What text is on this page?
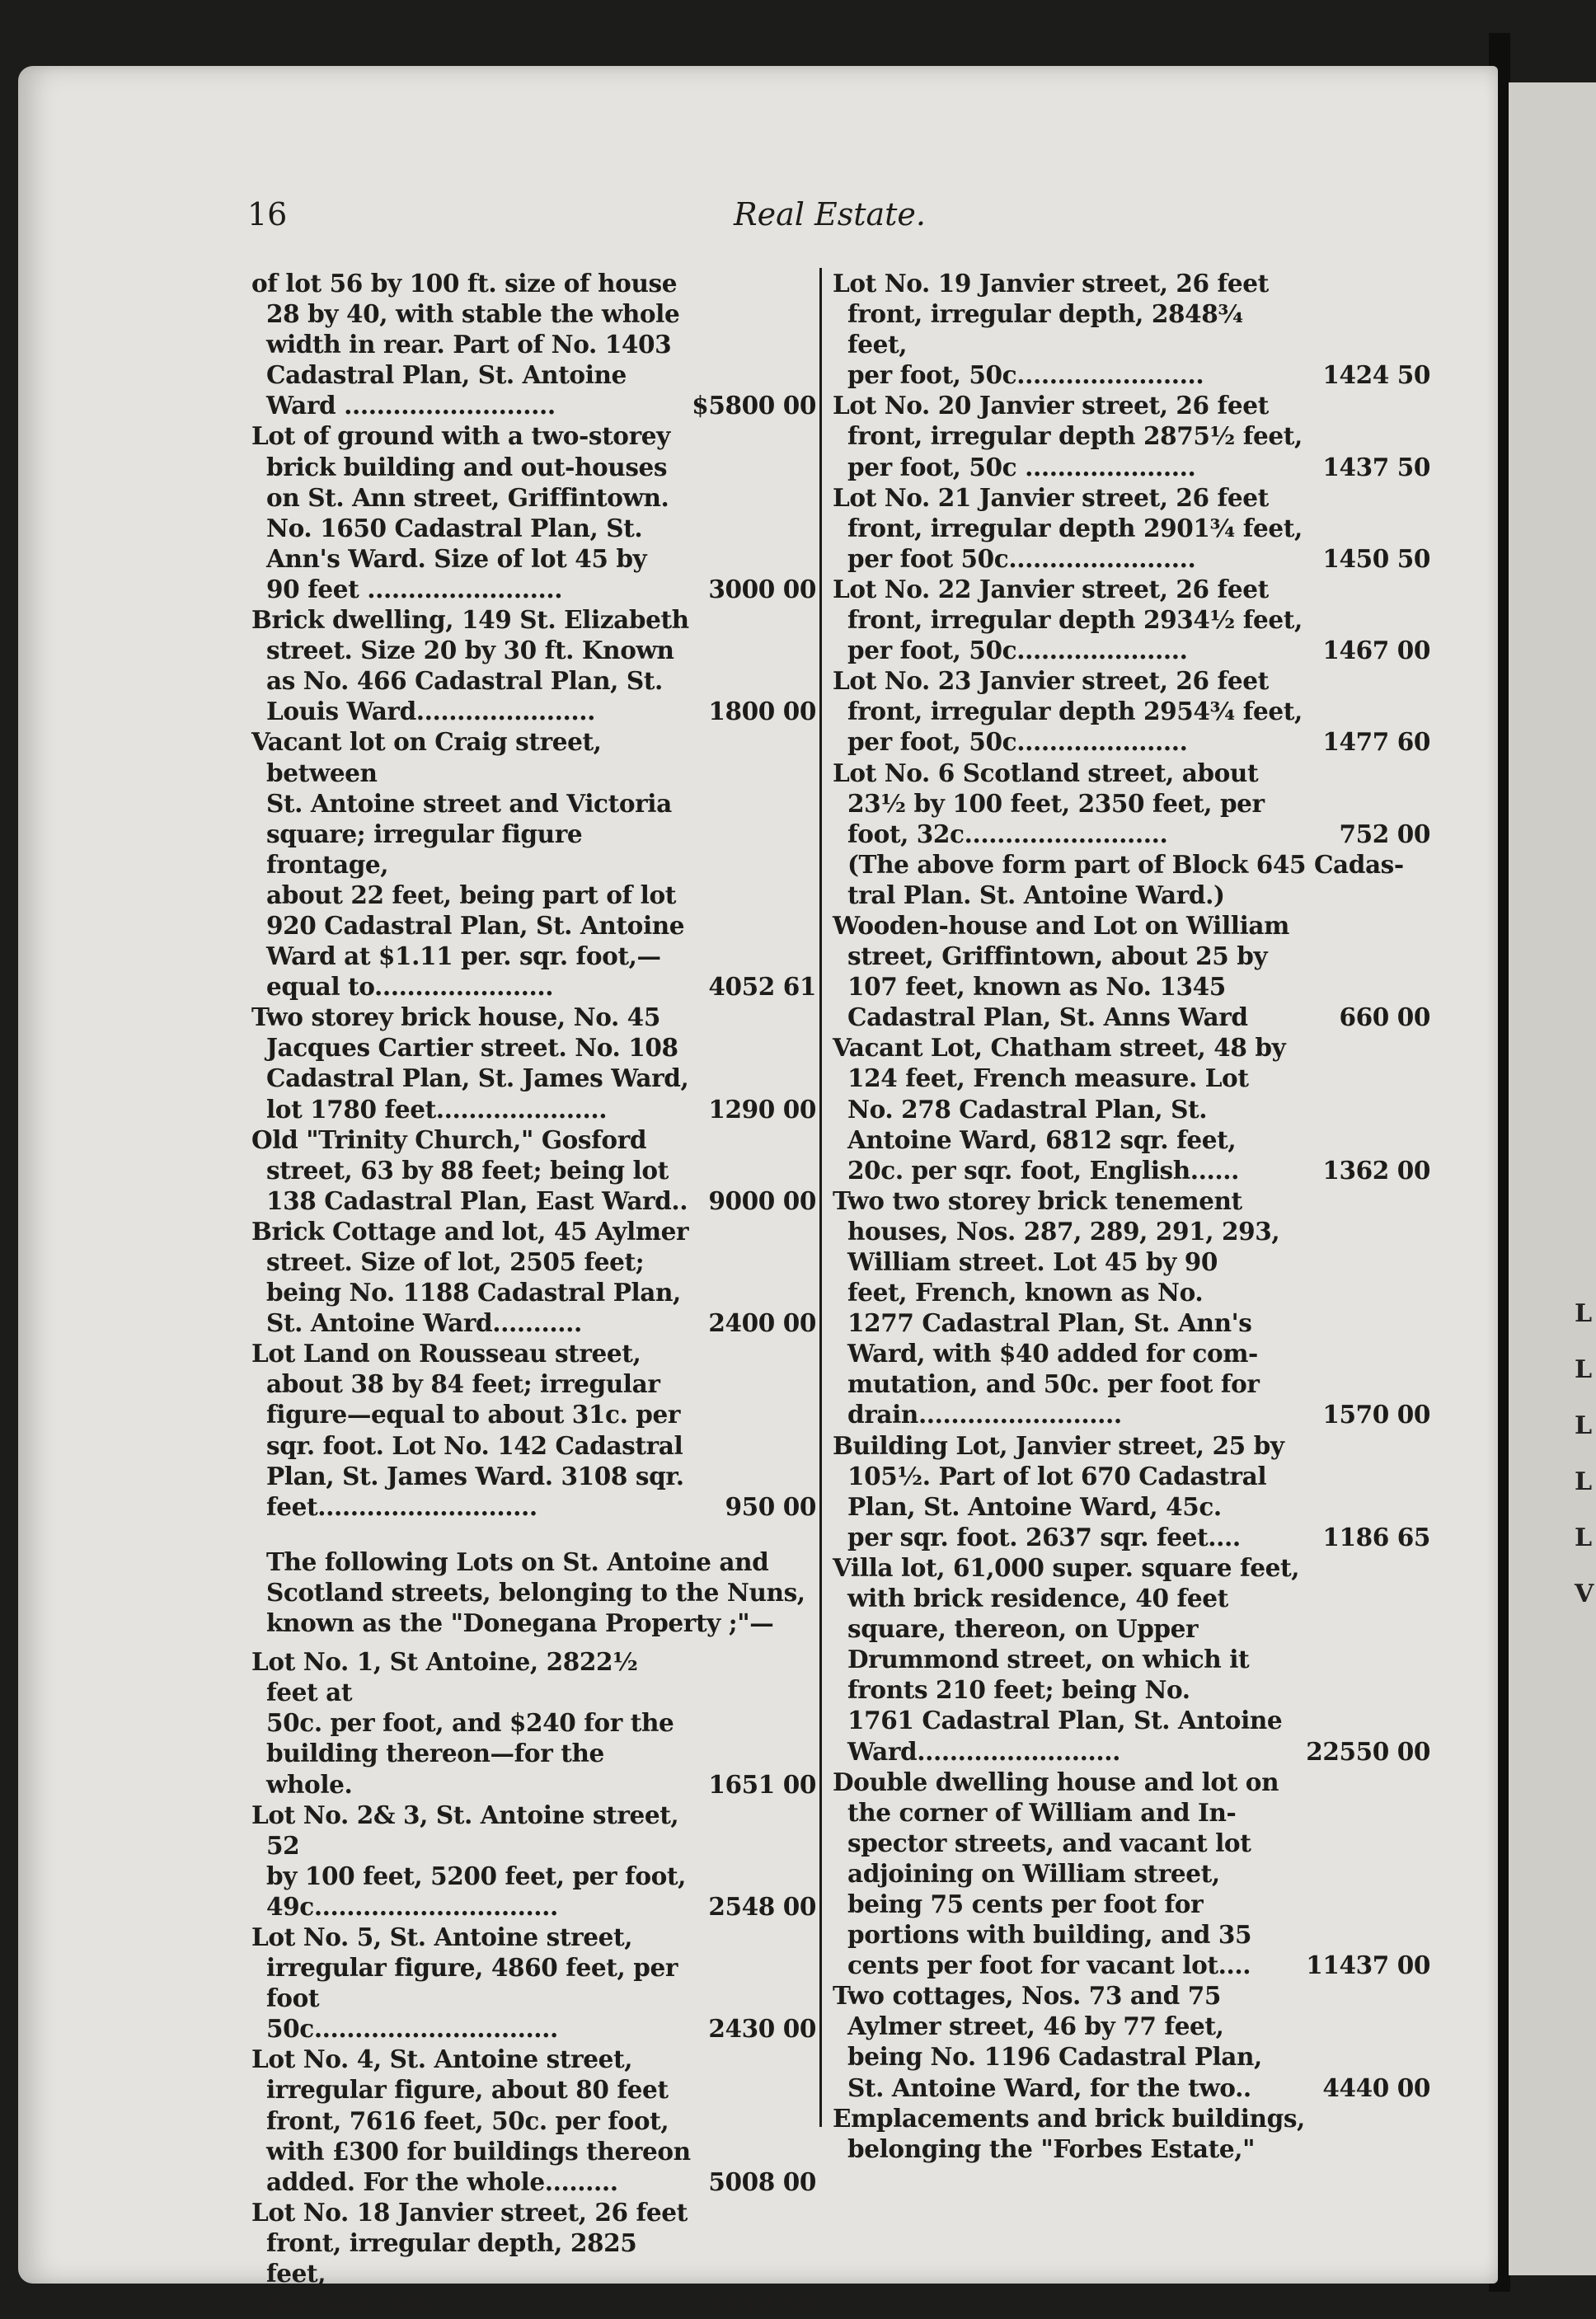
L
L
L
L
L
V
16	Real Estate.
of lot 56 by 100 ft. size of house
28 by 40, with stable the whole
width in rear. Part of No. 1403
Cadastral Plan, St. Antoine
Ward ..........................	$5800 00
Lot of ground with a two-storey
brick building and out-houses
on St. Ann street, Griffintown.
No. 1650 Cadastral Plan, St.
Ann's Ward. Size of lot 45 by
90 feet ........................	3000 00
Brick dwelling, 149 St. Elizabeth
street. Size 20 by 30 ft. Known
as No. 466 Cadastral Plan, St.
Louis Ward......................	1800 00
Vacant lot on Craig street, between
St. Antoine street and Victoria
square; irregular figure frontage,
about 22 feet, being part of lot
920 Cadastral Plan, St. Antoine
Ward at $1.11 per. sqr. foot,—
equal to......................	4052 61
Two storey brick house, No. 45
Jacques Cartier street. No. 108
Cadastral Plan, St. James Ward,
lot 1780 feet.....................	1290 00
Old "Trinity Church," Gosford
street, 63 by 88 feet; being lot
138 Cadastral Plan, East Ward.. 9000 00
Brick Cottage and lot, 45 Aylmer
street. Size of lot, 2505 feet;
being No. 1188 Cadastral Plan,
St. Antoine Ward...........	2400 00
Lot Land on Rousseau street,
about 38 by 84 feet; irregular
figure—equal to about 31c. per
sqr. foot. Lot No. 142 Cadastral
Plan, St. James Ward. 3108 sqr.
feet...........................	950 00
The following Lots on St. Antoine and
Scotland streets, belonging to the Nuns,
known as the "Donegana Property ;"—
Lot No. 1, St Antoine, 2822½ feet at
50c. per foot, and $240 for the
building thereon—for the whole.	1651 00
Lot No. 2& 3, St. Antoine street, 52
by 100 feet, 5200 feet, per foot,
49c..............................	2548 00
Lot No. 5, St. Antoine street,
irregular figure, 4860 feet, per foot
50c..............................	2430 00
Lot No. 4, St. Antoine street,
irregular figure, about 80 feet
front, 7616 feet, 50c. per foot,
with £300 for buildings thereon
added. For the whole.........	5008 00
Lot No. 18 Janvier street, 26 feet
front, irregular depth, 2825 feet,
per foot, 50c....................	1412 50
Lot No. 19 Janvier street, 26 feet
front, irregular depth, 2848¾ feet,
per foot, 50c.......................	1424 50
Lot No. 20 Janvier street, 26 feet
front, irregular depth 2875½ feet,
per foot, 50c .....................	1437 50
Lot No. 21 Janvier street, 26 feet
front, irregular depth 2901¾ feet,
per foot 50c.......................	1450 50
Lot No. 22 Janvier street, 26 feet
front, irregular depth 2934½ feet,
per foot, 50c.....................	1467 00
Lot No. 23 Janvier street, 26 feet
front, irregular depth 2954¾ feet,
per foot, 50c.....................	1477 60
Lot No. 6 Scotland street, about
23½ by 100 feet, 2350 feet, per
foot, 32c.........................	752 00
(The above form part of Block 645 Cadas-
tral Plan. St. Antoine Ward.)
Wooden-house and Lot on William
street, Griffintown, about 25 by
107 feet, known as No. 1345
Cadastral Plan, St. Anns Ward	660 00
Vacant Lot, Chatham street, 48 by
124 feet, French measure. Lot
No. 278 Cadastral Plan, St.
Antoine Ward, 6812 sqr. feet,
20c. per sqr. foot, English......	1362 00
Two two storey brick tenement
houses, Nos. 287, 289, 291, 293,
William street. Lot 45 by 90
feet, French, known as No.
1277 Cadastral Plan, St. Ann's
Ward, with $40 added for com-
mutation, and 50c. per foot for
drain.........................	1570 00
Building Lot, Janvier street, 25 by
105½. Part of lot 670 Cadastral
Plan, St. Antoine Ward, 45c.
per sqr. foot. 2637 sqr. feet....	1186 65
Villa lot, 61,000 super. square feet,
with brick residence, 40 feet
square, thereon, on Upper
Drummond street, on which it
fronts 210 feet; being No.
1761 Cadastral Plan, St. Antoine
Ward.........................	22550 00
Double dwelling house and lot on
the corner of William and In-
spector streets, and vacant lot
adjoining on William street,
being 75 cents per foot for
portions with building, and 35
cents per foot for vacant lot....	11437 00
Two cottages, Nos. 73 and 75
Aylmer street, 46 by 77 feet,
being No. 1196 Cadastral Plan,
St. Antoine Ward, for the two..	4440 00
Emplacements and brick buildings,
belonging the "Forbes Estate,"
